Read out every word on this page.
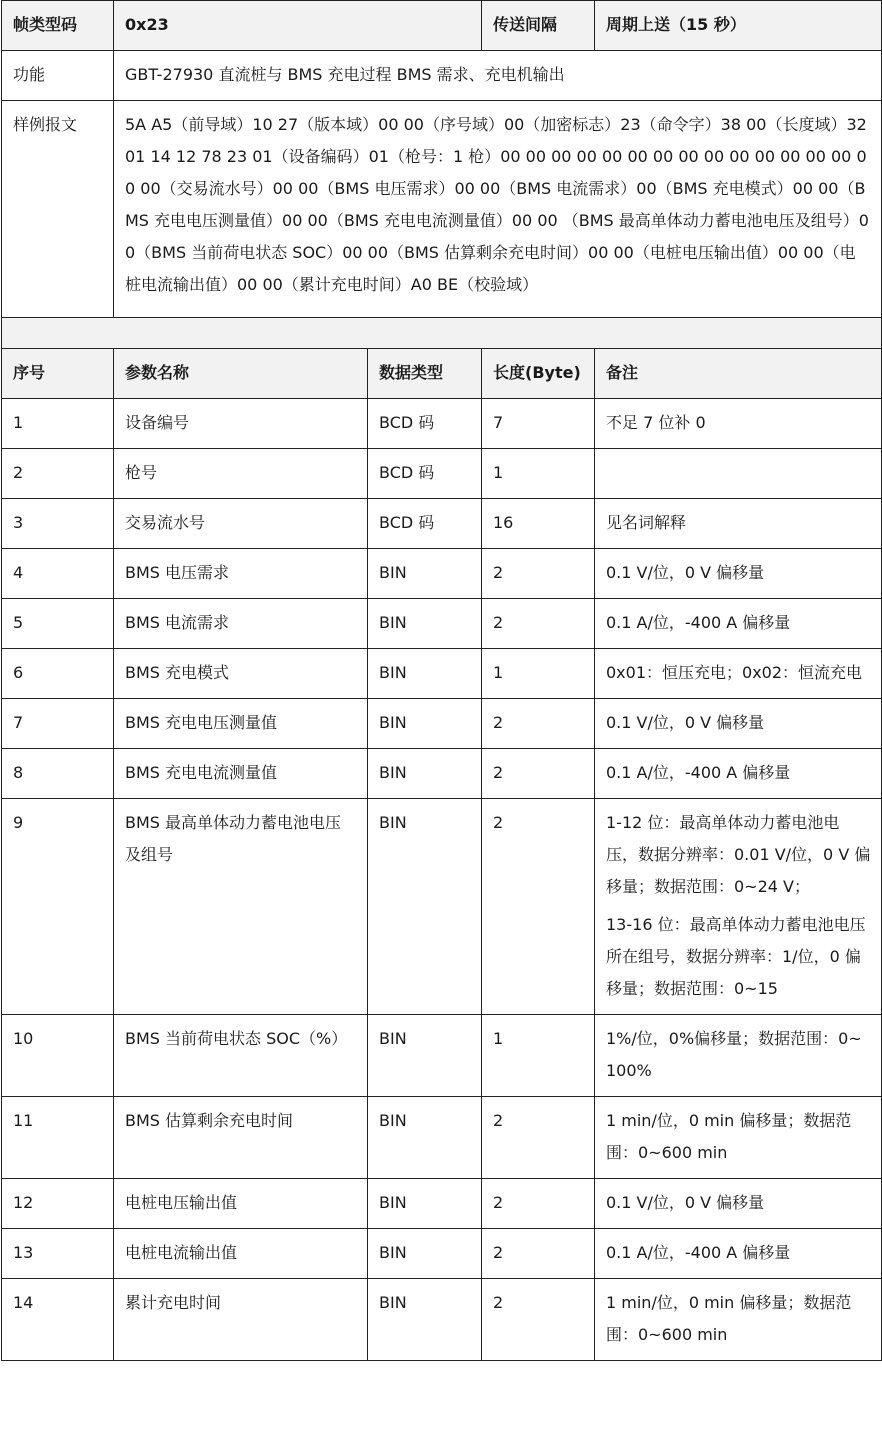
帧类型码	0x23		传送间隔	周期上送（15 秒）
功能	GBT-27930 直流桩与 BMS 充电过程 BMS 需求、充电机输出			
样例报文	5A A5（前导域）10 27（版本域）00 00（序号域）00（加密标志）23（命令字）38 00（长度域）32 01 14 12 78 23 01（设备编码）01（枪号：1 枪）00 00 00 00 00 00 00 00 00 00 00 00 00 00 00 00（交易流水号）00 00（BMS 电压需求）00 00（BMS 电流需求）00（BMS 充电模式）00 00（BMS 充电电压测量值）00 00（BMS 充电电流测量值）00 00 （BMS 最高单体动力蓄电池电压及组号）00（BMS 当前荷电状态 SOC）00 00（BMS 估算剩余充电时间）00 00（电桩电压输出值）00 00（电桩电流输出值）00 00（累计充电时间）A0 BE（校验域）			

序号	参数名称	数据类型	长度(Byte)	备注
1	设备编号	BCD 码	7	不足 7 位补 0

2	枪号	BCD 码	1	

3	交易流水号	BCD 码	16	见名词解释

4	BMS 电压需求	BIN	2	0.1 V/位，0 V 偏移量

5	BMS 电流需求	BIN	2	0.1 A/位，-400 A 偏移量

6	BMS 充电模式	BIN	1	0x01：恒压充电；0x02：恒流充电

7	BMS 充电电压测量值	BIN	2	0.1 V/位，0 V 偏移量

8	BMS 充电电流测量值	BIN	2	0.1 A/位，-400 A 偏移量

9	BMS 最高单体动力蓄电池电压及组号	BIN	2	1-12 位：最高单体动力蓄电池电压，数据分辨率：0.01 V/位，0 V 偏移量；数据范围：0~24 V；

13-16 位：最高单体动力蓄电池电压所在组号，数据分辨率：1/位，0 偏移量；数据范围：0~15

10	BMS 当前荷电状态 SOC（%）	BIN	1	1%/位，0%偏移量；数据范围：0~100%

11	BMS 估算剩余充电时间	BIN	2	1 min/位，0 min 偏移量；数据范围：0~600 min

12	电桩电压输出值	BIN	2	0.1 V/位，0 V 偏移量

13	电桩电流输出值	BIN	2	0.1 A/位，-400 A 偏移量

14	累计充电时间	BIN	2	1 min/位，0 min 偏移量；数据范围：0~600 min
